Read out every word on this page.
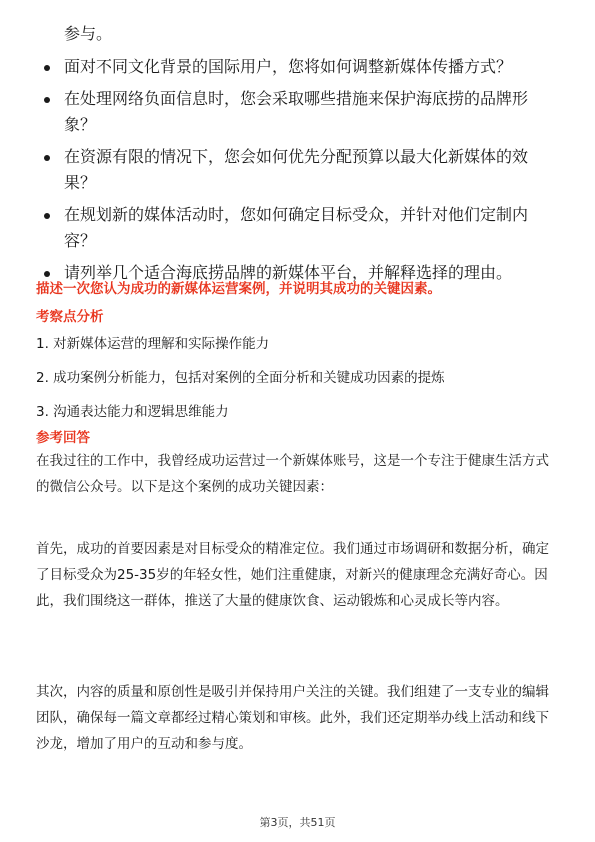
参与。
面对不同文化背景的国际用户，您将如何调整新媒体传播方式？
在处理网络负面信息时，您会采取哪些措施来保护海底捞的品牌形象？
在资源有限的情况下，您会如何优先分配预算以最大化新媒体的效果？
在规划新的媒体活动时，您如何确定目标受众，并针对他们定制内容？
请列举几个适合海底捞品牌的新媒体平台，并解释选择的理由。
描述一次您认为成功的新媒体运营案例，并说明其成功的关键因素。
考察点分析
1. 对新媒体运营的理解和实际操作能力
2. 成功案例分析能力，包括对案例的全面分析和关键成功因素的提炼
3. 沟通表达能力和逻辑思维能力
参考回答

在我过往的工作中，我曾经成功运营过一个新媒体账号，这是一个专注于健康生活方式的微信公众号。以下是这个案例的成功关键因素：

首先，成功的首要因素是对目标受众的精准定位。我们通过市场调研和数据分析，确定了目标受众为25-35岁的年轻女性，她们注重健康，对新兴的健康理念充满好奇心。因此，我们围绕这一群体，推送了大量的健康饮食、运动锻炼和心灵成长等内容。

其次，内容的质量和原创性是吸引并保持用户关注的关键。我们组建了一支专业的编辑团队，确保每一篇文章都经过精心策划和审核。此外，我们还定期举办线上活动和线下沙龙，增加了用户的互动和参与度。

第3页，共51页
